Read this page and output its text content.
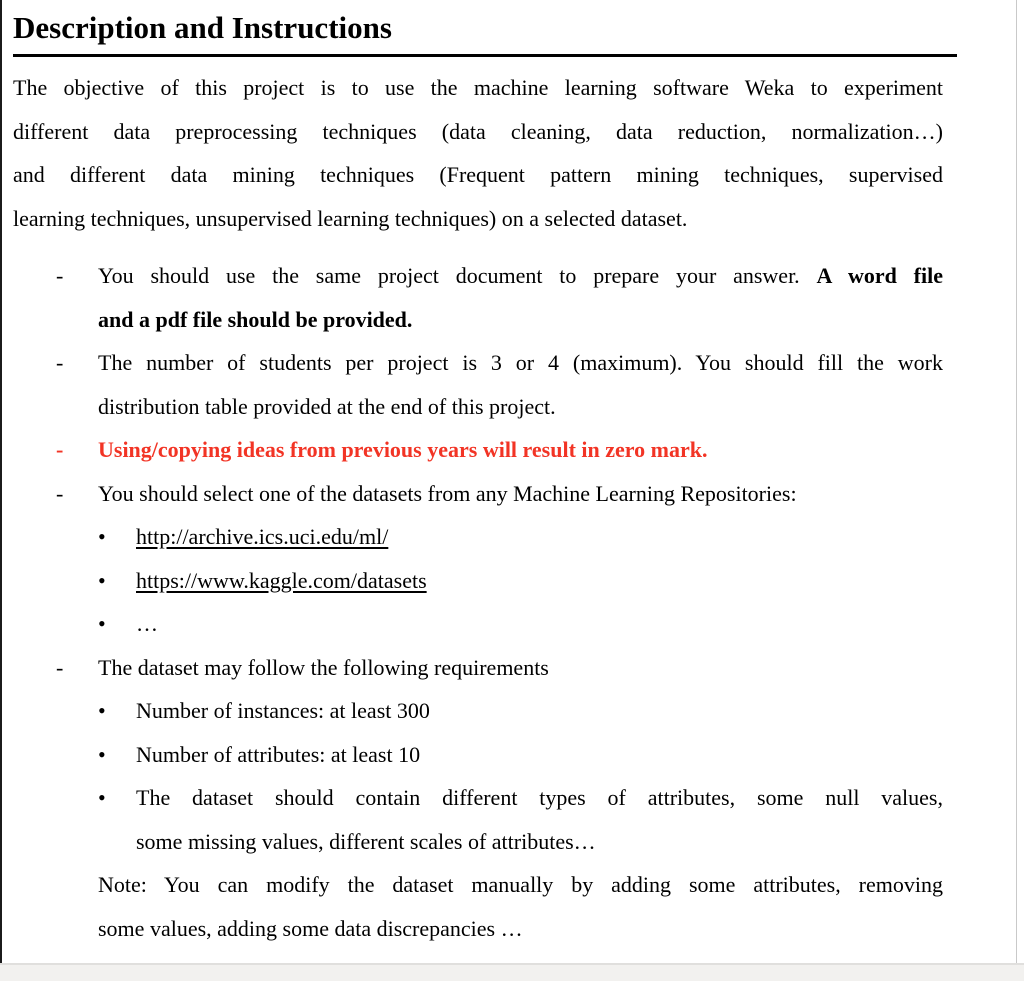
Description and Instructions
The objective of this project is to use the machine learning software Weka to experiment
different data preprocessing techniques (data cleaning, data reduction, normalization…)
and different data mining techniques (Frequent pattern mining techniques, supervised
learning techniques, unsupervised learning techniques) on a selected dataset.
- You should use the same project document to prepare your answer. A word file
and a pdf file should be provided.
- The number of students per project is 3 or 4 (maximum). You should fill the work
distribution table provided at the end of this project.
- Using/copying ideas from previous years will result in zero mark.
- You should select one of the datasets from any Machine Learning Repositories:
• http://archive.ics.uci.edu/ml/
• https://www.kaggle.com/datasets
• …
- The dataset may follow the following requirements
• Number of instances: at least 300
• Number of attributes: at least 10
• The dataset should contain different types of attributes, some null values,
some missing values, different scales of attributes…
Note: You can modify the dataset manually by adding some attributes, removing
some values, adding some data discrepancies …
